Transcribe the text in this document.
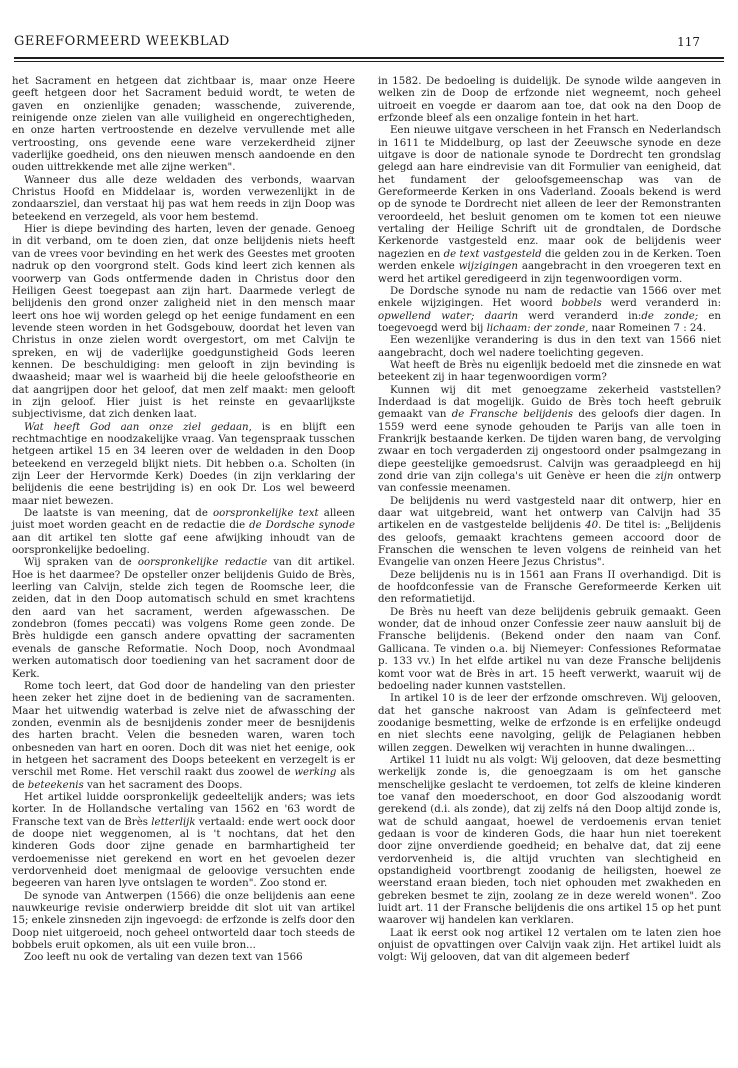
GEREFORMEERD WEEKBLAD	117

het Sacrament en hetgeen dat zichtbaar is, maar onze Heere geeft hetgeen door het Sacrament beduid wordt, te weten de gaven en onzienlijke genaden; wasschende, zuiverende, reinigende onze zielen van alle vuiligheid en ongerechtigheden, en onze harten vertroostende en dezelve vervullende met alle vertroosting, ons gevende eene ware verzekerdheid zijner vaderlijke goedheid, ons den nieuwen mensch aandoende en den ouden uittrekkende met alle zijne werken".

Wanneer dus alle deze weldaden des verbonds, waarvan Christus Hoofd en Middelaar is, worden verwezenlijkt in de zondaarsziel, dan verstaat hij pas wat hem reeds in zijn Doop was beteekend en verzegeld, als voor hem bestemd.

Hier is diepe bevinding des harten, leven der genade. Genoeg in dit verband, om te doen zien, dat onze belijdenis niets heeft van de vrees voor bevinding en het werk des Geestes met grooten nadruk op den voorgrond stelt. Gods kind leert zich kennen als voorwerp van Gods ontfermende daden in Christus door den Heiligen Geest toegepast aan zijn hart. Daarmede verlegt de belijdenis den grond onzer zaligheid niet in den mensch maar leert ons hoe wij worden gelegd op het eenige fundament en een levende steen worden in het Godsgebouw, doordat het leven van Christus in onze zielen wordt overgestort, om met Calvijn te spreken, en wij de vaderlijke goedgunstigheid Gods leeren kennen. De beschuldiging: men gelooft in zijn bevinding is dwaasheid; maar wel is waarheid bij die heele geloofstheorie en dat aangrijpen door het geloof, dat men zelf maakt: men gelooft in zijn geloof. Hier juist is het reinste en gevaarlijkste subjectivisme, dat zich denken laat.

Wat heeft God aan onze ziel gedaan, is en blijft een rechtmachtige en noodzakelijke vraag. Van tegenspraak tusschen hetgeen artikel 15 en 34 leeren over de weldaden in den Doop beteekend en verzegeld blijkt niets. Dit hebben o.a. Scholten (in zijn Leer der Hervormde Kerk) Doedes (in zijn verklaring der belijdenis die eene bestrijding is) en ook Dr. Los wel beweerd maar niet bewezen.

De laatste is van meening, dat de oorspronkelijke text alleen juist moet worden geacht en de redactie die de Dordsche synode aan dit artikel ten slotte gaf eene afwijking inhoudt van de oorspronkelijke bedoeling.

Wij spraken van de oorspronkelijke redactie van dit artikel. Hoe is het daarmee? De opsteller onzer belijdenis Guido de Brès, leerling van Calvijn, stelde zich tegen de Roomsche leer, die zeiden, dat in den Doop automatisch schuld en smet krachtens den aard van het sacrament, werden afgewasschen. De zondebron (fomes peccati) was volgens Rome geen zonde. De Brès huldigde een gansch andere opvatting der sacramenten evenals de gansche Reformatie. Noch Doop, noch Avondmaal werken automatisch door toediening van het sacrament door de Kerk.

Rome toch leert, dat God door de handeling van den priester heen zeker het zijne doet in de bediening van de sacramenten. Maar het uitwendig waterbad is zelve niet de afwassching der zonden, evenmin als de besnijdenis zonder meer de besnijdenis des harten bracht. Velen die besneden waren, waren toch onbesneden van hart en ooren. Doch dit was niet het eenige, ook in hetgeen het sacrament des Doops beteekent en verzegelt is er verschil met Rome. Het verschil raakt dus zoowel de werking als de beteekenis van het sacrament des Doops.

Het artikel luidde oorspronkelijk gedeeltelijk anders; was iets korter. In de Hollandsche vertaling van 1562 en '63 wordt de Fransche text van de Brès letterlijk vertaald: ende wert oock door de doope niet weggenomen, al is 't nochtans, dat het den kinderen Gods door zijne genade en barmhartigheid ter verdoemenisse niet gerekend en wort en het gevoelen dezer verdorvenheid doet menigmaal de geloovige versuchten ende begeeren van haren lyve ontslagen te worden". Zoo stond er.

De synode van Antwerpen (1566) die onze belijdenis aan eene nauwkeurige revisie onderwierp breidde dit slot uit van artikel 15; enkele zinsneden zijn ingevoegd: de erfzonde is zelfs door den Doop niet uitgeroeid, noch geheel ontworteld daar toch steeds de bobbels eruit opkomen, als uit een vuile bron...

Zoo leeft nu ook de vertaling van dezen text van 1566

in 1582. De bedoeling is duidelijk. De synode wilde aangeven in welken zin de Doop de erfzonde niet wegneemt, noch geheel uitroeit en voegde er daarom aan toe, dat ook na den Doop de erfzonde bleef als een onzalige fontein in het hart.

Een nieuwe uitgave verscheen in het Fransch en Nederlandsch in 1611 te Middelburg, op last der Zeeuwsche synode en deze uitgave is door de nationale synode te Dordrecht ten grondslag gelegd aan hare eindrevisie van dit Formulier van eenigheid, dat het fundament der geloofsgemeenschap was van de Gereformeerde Kerken in ons Vaderland. Zooals bekend is werd op de synode te Dordrecht niet alleen de leer der Remonstranten veroordeeld, het besluit genomen om te komen tot een nieuwe vertaling der Heilige Schrift uit de grondtalen, de Dordsche Kerkenorde vastgesteld enz. maar ook de belijdenis weer nagezien en de text vastgesteld die gelden zou in de Kerken. Toen werden enkele wijzigingen aangebracht in den vroegeren text en werd het artikel geredigeerd in zijn tegenwoordigen vorm.

De Dordsche synode nu nam de redactie van 1566 over met enkele wijzigingen. Het woord bobbels werd veranderd in: opwellend water; daarin werd veranderd in:de zonde; en toegevoegd werd bij lichaam: der zonde, naar Romeinen 7 : 24.

Een wezenlijke verandering is dus in den text van 1566 niet aangebracht, doch wel nadere toelichting gegeven.

Wat heeft de Brès nu eigenlijk bedoeld met die zinsnede en wat beteekent zij in haar tegenwoordigen vorm?

Kunnen wij dit met genoegzame zekerheid vaststellen? Inderdaad is dat mogelijk. Guido de Brès toch heeft gebruik gemaakt van de Fransche belijdenis des geloofs dier dagen. In 1559 werd eene synode gehouden te Parijs van alle toen in Frankrijk bestaande kerken. De tijden waren bang, de vervolging zwaar en toch vergaderden zij ongestoord onder psalmgezang in diepe geestelijke gemoedsrust. Calvijn was geraadpleegd en hij zond drie van zijn collega's uit Genève er heen die zijn ontwerp van confessie meenamen.

De belijdenis nu werd vastgesteld naar dit ontwerp, hier en daar wat uitgebreid, want het ontwerp van Calvijn had 35 artikelen en de vastgestelde belijdenis 40. De titel is: „Belijdenis des geloofs, gemaakt krachtens gemeen accoord door de Franschen die wenschen te leven volgens de reinheid van het Evangelie van onzen Heere Jezus Christus".

Deze belijdenis nu is in 1561 aan Frans II overhandigd. Dit is de hoofdconfessie van de Fransche Gereformeerde Kerken uit den reformatietijd.

De Brès nu heeft van deze belijdenis gebruik gemaakt. Geen wonder, dat de inhoud onzer Confessie zeer nauw aansluit bij de Fransche belijdenis. (Bekend onder den naam van Conf. Gallicana. Te vinden o.a. bij Niemeyer: Confessiones Reformatae p. 133 vv.) In het elfde artikel nu van deze Fransche belijdenis komt voor wat de Brès in art. 15 heeft verwerkt, waaruit wij de bedoeling nader kunnen vaststellen.

In artikel 10 is de leer der erfzonde omschreven. Wij gelooven, dat het gansche nakroost van Adam is geïnfecteerd met zoodanige besmetting, welke de erfzonde is en erfelijke ondeugd en niet slechts eene navolging, gelijk de Pelagianen hebben willen zeggen. Dewelken wij verachten in hunne dwalingen...

Artikel 11 luidt nu als volgt: Wij gelooven, dat deze besmetting werkelijk zonde is, die genoegzaam is om het gansche menschelijke geslacht te verdoemen, tot zelfs de kleine kinderen toe vanaf den moederschoot, en door God alszoodanig wordt gerekend (d.i. als zonde), dat zij zelfs ná den Doop altijd zonde is, wat de schuld aangaat, hoewel de verdoemenis ervan teniet gedaan is voor de kinderen Gods, die haar hun niet toerekent door zijne onverdiende goedheid; en behalve dat, dat zij eene verdorvenheid is, die altijd vruchten van slechtigheid en opstandigheid voortbrengt zoodanig de heiligsten, hoewel ze weerstand eraan bieden, toch niet ophouden met zwakheden en gebreken besmet te zijn, zoolang ze in deze wereld wonen". Zoo luidt art. 11 der Fransche belijdenis die ons artikel 15 op het punt waarover wij handelen kan verklaren.

Laat ik eerst ook nog artikel 12 vertalen om te laten zien hoe onjuist de opvattingen over Calvijn vaak zijn. Het artikel luidt als volgt: Wij gelooven, dat van dit algemeen bederf
